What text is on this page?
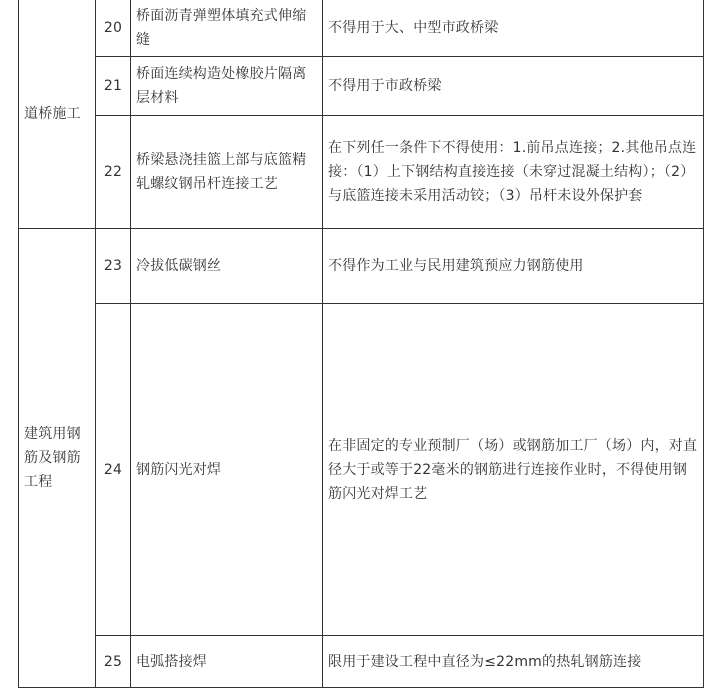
道桥施工	20	桥面沥青弹塑体填充式伸缩缝	不得用于大、中型市政桥梁
	21	桥面连续构造处橡胶片隔离层材料	不得用于市政桥梁
	22	桥梁悬浇挂篮上部与底篮精轧螺纹钢吊杆连接工艺	在下列任一条件下不得使用：1.前吊点连接；2.其他吊点连接：（1）上下钢结构直接连接（未穿过混凝土结构）；（2）与底篮连接未采用活动铰；（3）吊杆未设外保护套
建筑用钢筋及钢筋工程	23	冷拔低碳钢丝	不得作为工业与民用建筑预应力钢筋使用
	24	钢筋闪光对焊	在非固定的专业预制厂（场）或钢筋加工厂（场）内，对直径大于或等于22毫米的钢筋进行连接作业时，不得使用钢筋闪光对焊工艺
	25	电弧搭接焊	限用于建设工程中直径为≤22mm的热轧钢筋连接
